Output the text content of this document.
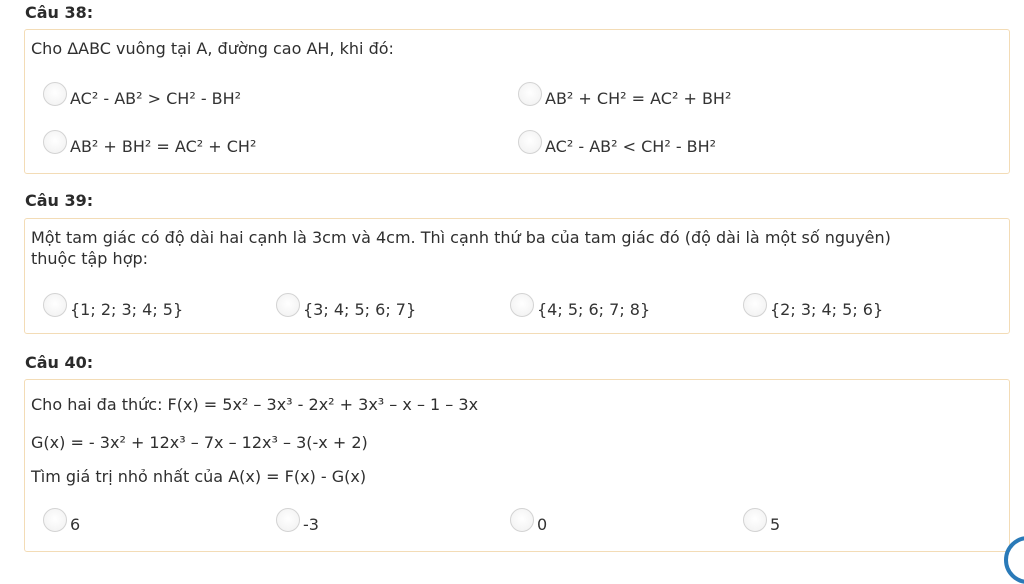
Câu 38:
Cho ΔABC vuông tại A, đường cao AH, khi đó:
AC² - AB² > CH² - BH²	AB² + CH² = AC² + BH²
AB² + BH² = AC² + CH²	AC² - AB² < CH² - BH²
Câu 39:
Một tam giác có độ dài hai cạnh là 3cm và 4cm. Thì cạnh thứ ba của tam giác đó (độ dài là một số nguyên)
thuộc tập hợp:
{1; 2; 3; 4; 5}	{3; 4; 5; 6; 7}	{4; 5; 6; 7; 8}	{2; 3; 4; 5; 6}
Câu 40:
Cho hai đa thức: F(x) = 5x² – 3x³ - 2x² + 3x³ – x – 1 – 3x
G(x) = - 3x² + 12x³ – 7x – 12x³ – 3(-x + 2)
Tìm giá trị nhỏ nhất của A(x) = F(x) - G(x)
6	-3	0	5
